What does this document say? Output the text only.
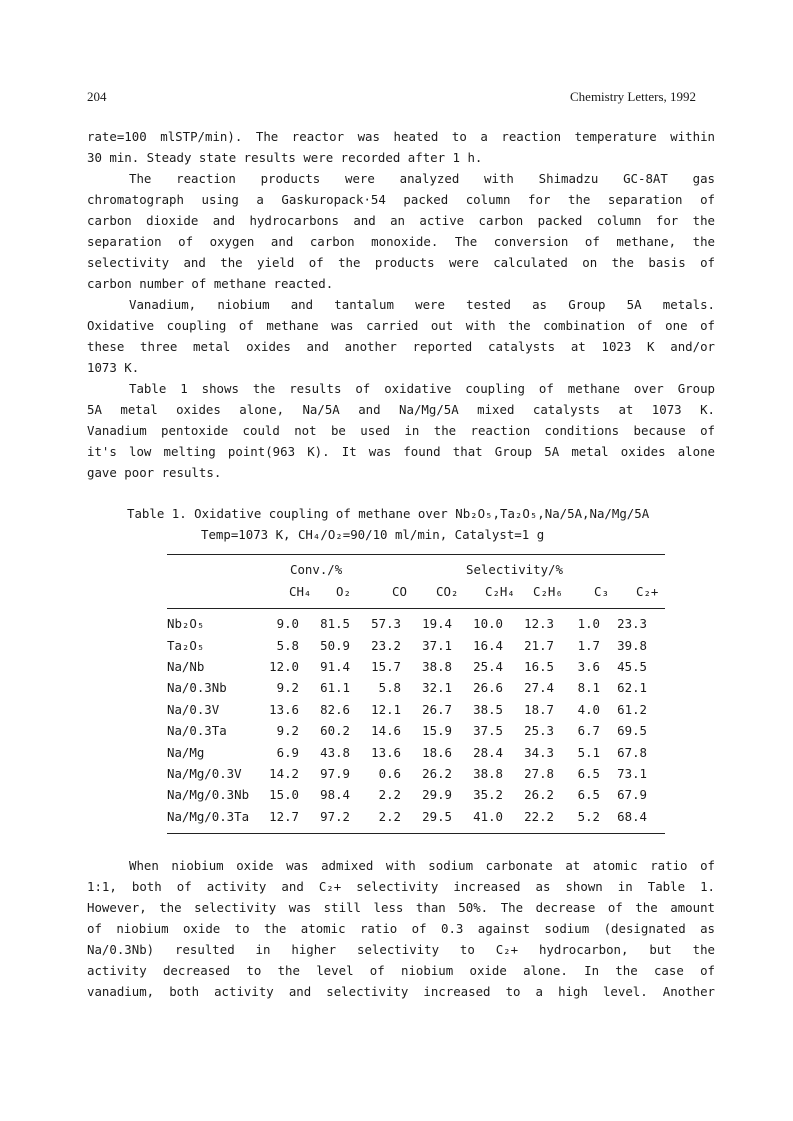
204	Chemistry Letters, 1992
rate=100 mlSTP/min). The reactor was heated to a reaction temperature within
30 min. Steady state results were recorded after 1 h.
The reaction products were analyzed with Shimadzu GC-8AT gas
chromatograph using a Gaskuropack·54 packed column for the separation of
carbon dioxide and hydrocarbons and an active carbon packed column for the
separation of oxygen and carbon monoxide. The conversion of methane, the
selectivity and the yield of the products were calculated on the basis of
carbon number of methane reacted.
Vanadium, niobium and tantalum were tested as Group 5A metals.
Oxidative coupling of methane was carried out with the combination of one of
these three metal oxides and another reported catalysts at 1023 K and/or
1073 K.
Table 1 shows the results of oxidative coupling of methane over Group
5A metal oxides alone, Na/5A and Na/Mg/5A mixed catalysts at 1073 K.
Vanadium pentoxide could not be used in the reaction conditions because of
it's low melting point(963 K). It was found that Group 5A metal oxides alone
gave poor results.
Table 1. Oxidative coupling of methane over Nb₂O₅,Ta₂O₅,Na/5A,Na/Mg/5A
Temp=1073 K, CH₄/O₂=90/10 ml/min, Catalyst=1 g
Conv./%	Selectivity/%
CH₄ O₂	CO CO₂ C₂H₄ C₂H₆	C₃ C₂+
Nb₂O₅	9.0	81.5	57.3	19.4	10.0	12.3	1.0	23.3
Ta₂O₅	5.8	50.9	23.2	37.1	16.4	21.7	1.7	39.8
Na/Nb	12.0	91.4	15.7	38.8	25.4	16.5	3.6	45.5
Na/0.3Nb	9.2	61.1	5.8	32.1	26.6	27.4	8.1	62.1
Na/0.3V	13.6	82.6	12.1	26.7	38.5	18.7	4.0	61.2
Na/0.3Ta	9.2	60.2	14.6	15.9	37.5	25.3	6.7	69.5
Na/Mg	6.9	43.8	13.6	18.6	28.4	34.3	5.1	67.8
Na/Mg/0.3V	14.2	97.9	0.6	26.2	38.8	27.8	6.5	73.1
Na/Mg/0.3Nb	15.0	98.4	2.2	29.9	35.2	26.2	6.5	67.9
Na/Mg/0.3Ta	12.7	97.2	2.2	29.5	41.0	22.2	5.2	68.4
When niobium oxide was admixed with sodium carbonate at atomic ratio of
1:1, both of activity and C₂+ selectivity increased as shown in Table 1.
However, the selectivity was still less than 50%. The decrease of the amount
of niobium oxide to the atomic ratio of 0.3 against sodium (designated as
Na/0.3Nb) resulted in higher selectivity to C₂+ hydrocarbon, but the
activity decreased to the level of niobium oxide alone. In the case of
vanadium, both activity and selectivity increased to a high level. Another
